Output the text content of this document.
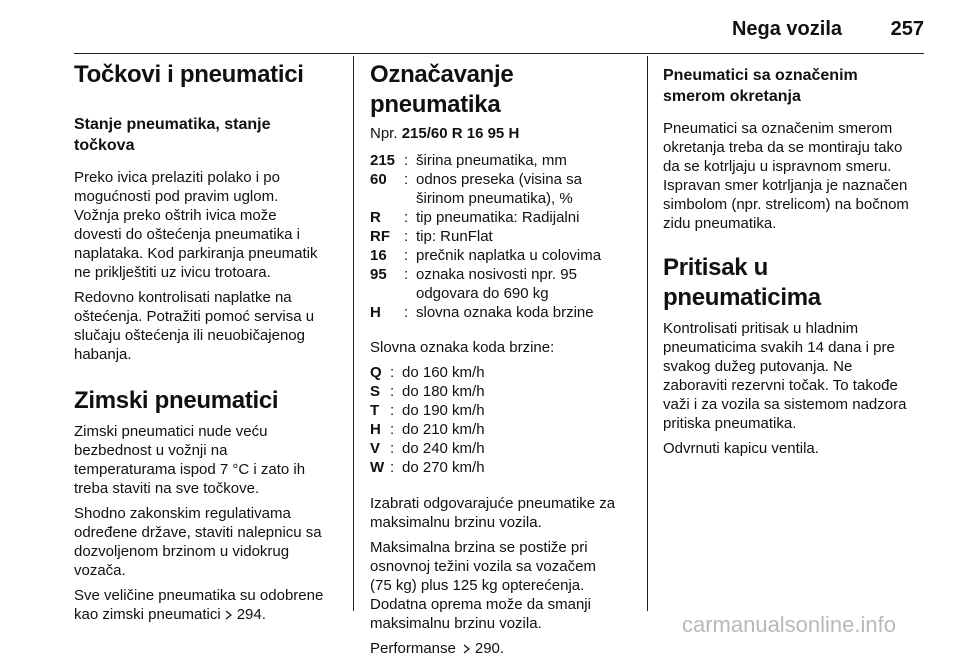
Nega vozila 257
Točkovi i pneumatici
Stanje pneumatika, stanje
točkova

Preko ivica prelaziti polako i po
mogućnosti pod pravim uglom.
Vožnja preko oštrih ivica može
dovesti do oštećenja pneumatika i
naplataka. Kod parkiranja pneumatik
ne priklještiti uz ivicu trotoara.

Redovno kontrolisati naplatke na
oštećenja. Potražiti pomoć servisa u
slučaju oštećenja ili neuobičajenog
habanja.

Zimski pneumatici

Zimski pneumatici nude veću
bezbednost u vožnji na
temperaturama ispod 7 °C i zato ih
treba staviti na sve točkove.

Shodno zakonskim regulativama
određene države, staviti nalepnicu sa
dozvoljenom brzinom u vidokrug
vozača.

Sve veličine pneumatika su odobrene
kao zimski pneumatici 294.

Označavanje pneumatika

Npr. 215/60 R 16 95 H

215 : širina pneumatika, mm
60	: odnos preseka (visina sa
širinom pneumatika), %
R	: tip pneumatika: Radijalni
RF : tip: RunFlat
16	: prečnik naplatka u colovima
95	: oznaka nosivosti npr. 95
odgovara do 690 kg
H	: slovna oznaka koda brzine

Slovna oznaka koda brzine:

Q : do 160 km/h
S : do 180 km/h
T : do 190 km/h
H : do 210 km/h
V : do 240 km/h
W : do 270 km/h

Izabrati odgovarajuće pneumatike za
maksimalnu brzinu vozila.

Maksimalna brzina se postiže pri
osnovnoj težini vozila sa vozačem
(75 kg) plus 125 kg opterećenja.
Dodatna oprema može da smanji
maksimalnu brzinu vozila.

Performanse 290.

Pneumatici sa označenim
smerom okretanja

Pneumatici sa označenim smerom
okretanja treba da se montiraju tako
da se kotrljaju u ispravnom smeru.
Ispravan smer kotrljanja je naznačen
simbolom (npr. strelicom) na bočnom
zidu pneumatika.

Pritisak u pneumaticima

Kontrolisati pritisak u hladnim
pneumaticima svakih 14 dana i pre
svakog dužeg putovanja. Ne
zaboraviti rezervni točak. To takođe
važi i za vozila sa sistemom nadzora
pritiska pneumatika.

Odvrnuti kapicu ventila.

carmanualsonline.info
